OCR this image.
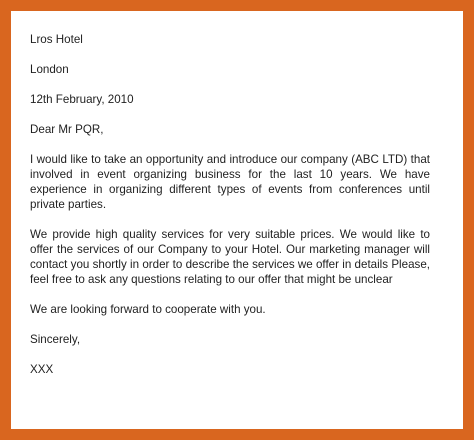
Lros Hotel

London

12th February, 2010

Dear Mr PQR,

I would like to take an opportunity and introduce our company (ABC LTD) that involved in event organizing business for the last 10 years. We have experience in organizing different types of events from conferences until private parties.

We provide high quality services for very suitable prices. We would like to offer the services of our Company to your Hotel. Our marketing manager will contact you shortly in order to describe the services we offer in details Please, feel free to ask any questions relating to our offer that might be unclear

We are looking forward to cooperate with you.

Sincerely,

XXX
